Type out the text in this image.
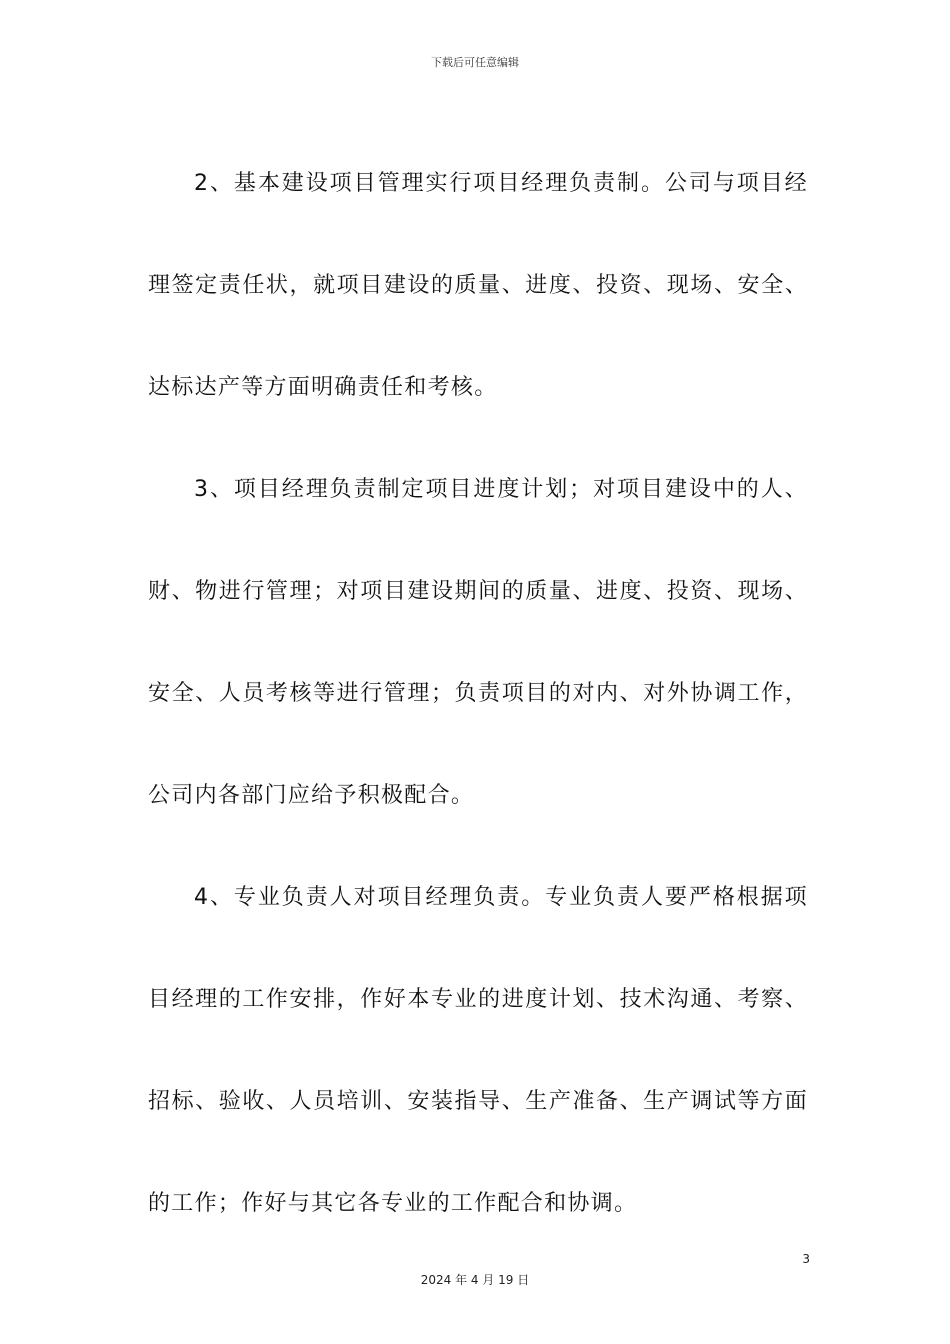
下载后可任意编辑

2、基本建设项目管理实行项目经理负责制。公司与项目经理签定责任状，就项目建设的质量、进度、投资、现场、安全、达标达产等方面明确责任和考核。

3、项目经理负责制定项目进度计划；对项目建设中的人、财、物进行管理；对项目建设期间的质量、进度、投资、现场、安全、人员考核等进行管理；负责项目的对内、对外协调工作，公司内各部门应给予积极配合。

4、专业负责人对项目经理负责。专业负责人要严格根据项目经理的工作安排，作好本专业的进度计划、技术沟通、考察、招标、验收、人员培训、安装指导、生产准备、生产调试等方面的工作；作好与其它各专业的工作配合和协调。

3
2024 年 4 月 19 日
